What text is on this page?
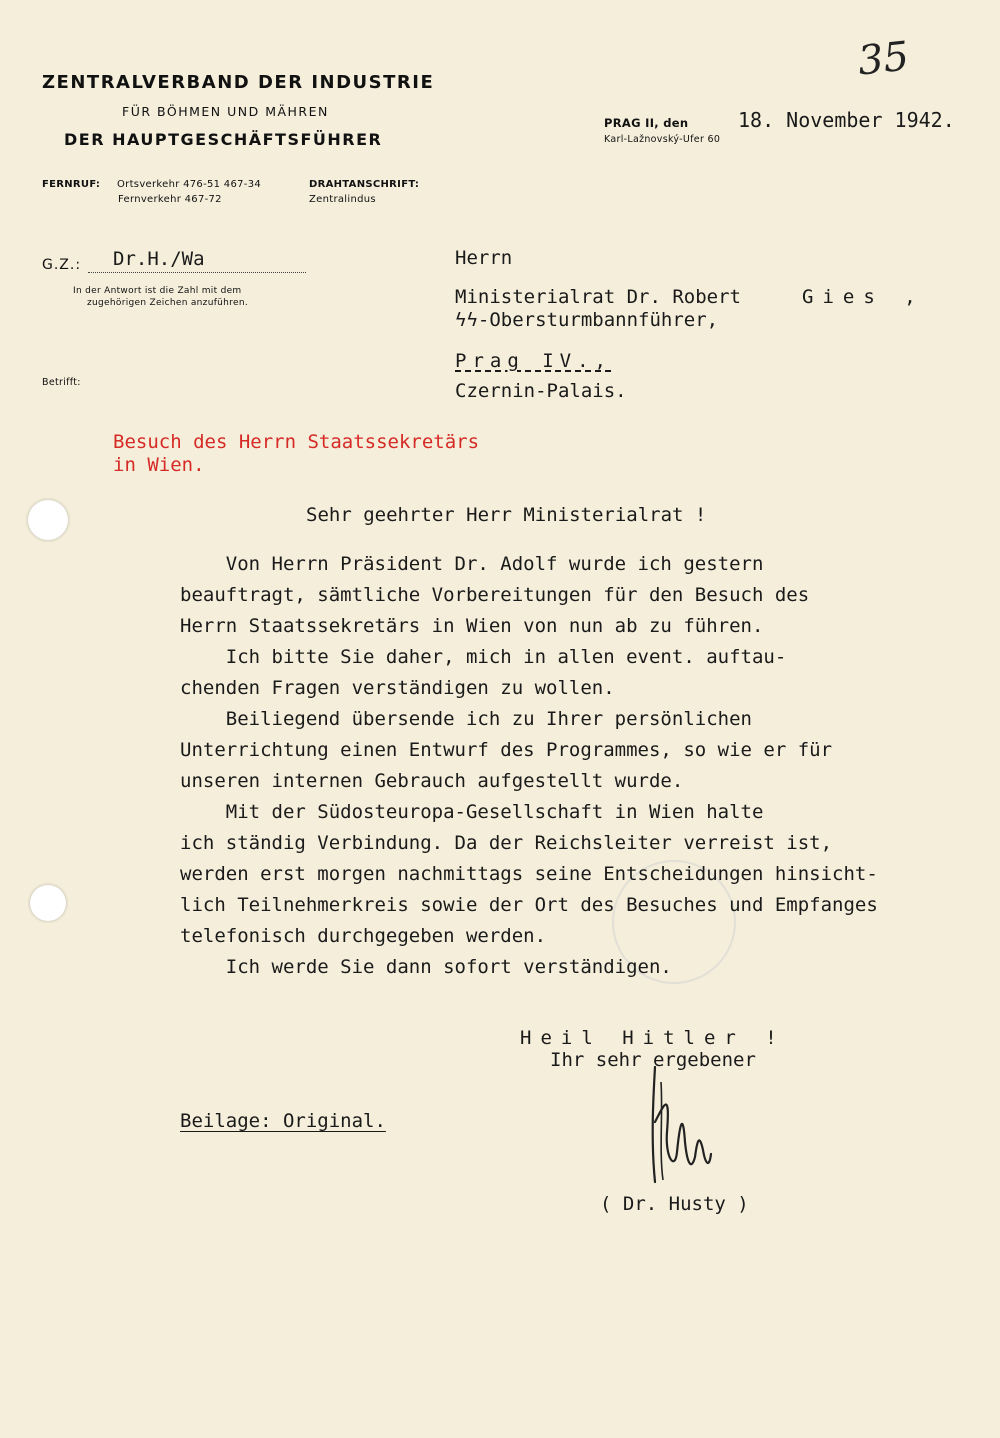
35
ZENTRALVERBAND DER INDUSTRIE
FÜR BÖHMEN UND MÄHREN
DER HAUPTGESCHÄFTSFÜHRER
FERNRUF: Ortsverkehr 476-51 467-34
Fernverkehr 467-72
DRAHTANSCHRIFT:
Zentralindus
PRAG II, den
Karl-Lažnovský-Ufer 60
18. November 1942.
G.Z.: Dr.H./Wa
In der Antwort ist die Zahl mit dem
zugehörigen Zeichen anzuführen.
Betrifft:
Herrn
Ministerialrat Dr. Robert	Gies ,
ϟϟ-Obersturmbannführer,
Prag IV.,
Czernin-Palais.
Besuch des Herrn Staatssekretärs
in Wien.
Sehr geehrter Herr Ministerialrat !
Von Herrn Präsident Dr. Adolf wurde ich gestern
beauftragt, sämtliche Vorbereitungen für den Besuch des
Herrn Staatssekretärs in Wien von nun ab zu führen.
Ich bitte Sie daher, mich in allen event. auftau-
chenden Fragen verständigen zu wollen.
Beiliegend übersende ich zu Ihrer persönlichen
Unterrichtung einen Entwurf des Programmes, so wie er für
unseren internen Gebrauch aufgestellt wurde.
Mit der Südosteuropa-Gesellschaft in Wien halte
ich ständig Verbindung. Da der Reichsleiter verreist ist,
werden erst morgen nachmittags seine Entscheidungen hinsicht-
lich Teilnehmerkreis sowie der Ort des Besuches und Empfanges
telefonisch durchgegeben werden.
Ich werde Sie dann sofort verständigen.
Heil Hitler !
Ihr sehr ergebener
Beilage: Original.
( Dr. Husty )
